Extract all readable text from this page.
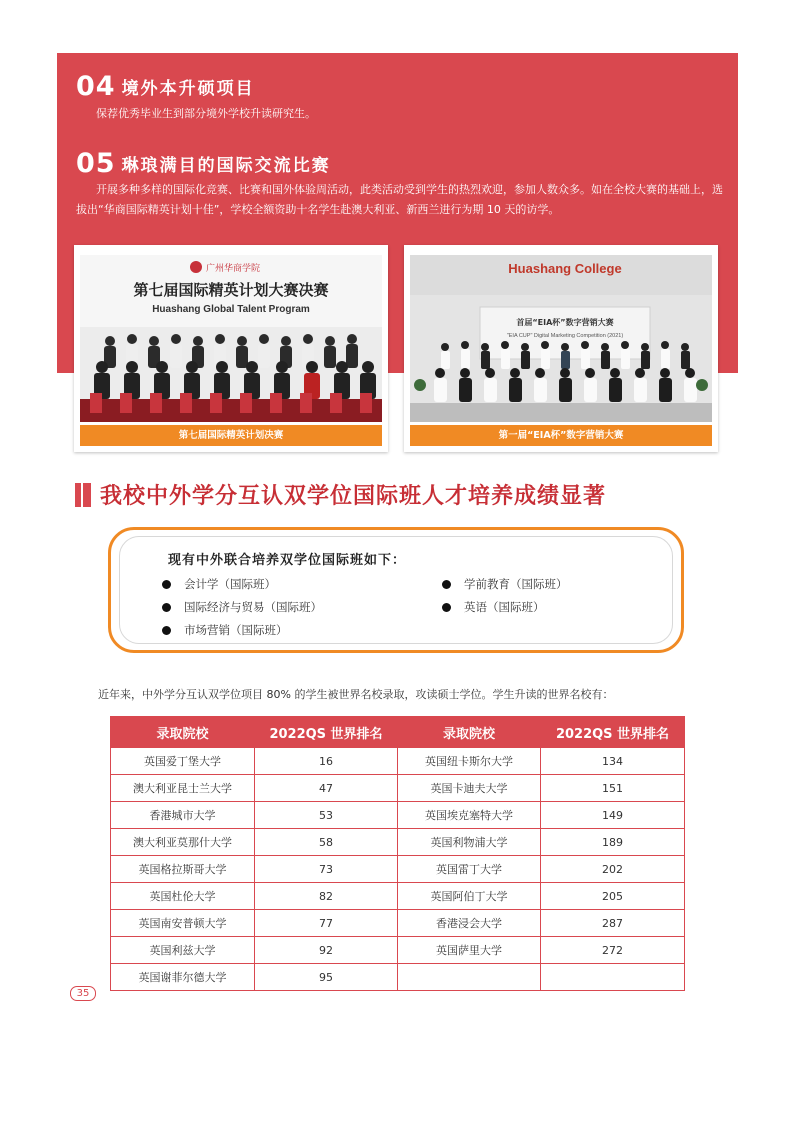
04 境外本升硕项目
保荐优秀毕业生到部分境外学校升读研究生。
05 琳琅满目的国际交流比赛
开展多种多样的国际化竞赛、比赛和国外体验周活动，此类活动受到学生的热烈欢迎，参加人数众多。如在全校大赛的基础上，选拔出“华商国际精英计划十佳”，学校全额资助十名学生赴澳大利亚、新西兰进行为期 10 天的访学。
广州华商学院
第七届国际精英计划大赛决赛
Huashang Global Talent Program
第七届国际精英计划决赛
Huashang College
首届“EIA杯”数字营销大赛
"EIA CUP" Digital Marketing Competition (2021)
第一届“EIA杯”数字营销大赛
我校中外学分互认双学位国际班人才培养成绩显著
现有中外联合培养双学位国际班如下：
会计学（国际班）	学前教育（国际班）
国际经济与贸易（国际班）	英语（国际班）
市场营销（国际班）
近年来，中外学分互认双学位项目 80% 的学生被世界名校录取，攻读硕士学位。学生升读的世界名校有：
录取院校	2022QS 世界排名	录取院校	2022QS 世界排名
英国爱丁堡大学	16	英国纽卡斯尔大学	134
澳大利亚昆士兰大学	47	英国卡迪夫大学	151
香港城市大学	53	英国埃克塞特大学	149
澳大利亚莫那什大学	58	英国利物浦大学	189
英国格拉斯哥大学	73	英国雷丁大学	202
英国杜伦大学	82	英国阿伯丁大学	205
英国南安普顿大学	77	香港浸会大学	287
英国利兹大学	92	英国萨里大学	272
英国谢菲尔德大学	95		
35
